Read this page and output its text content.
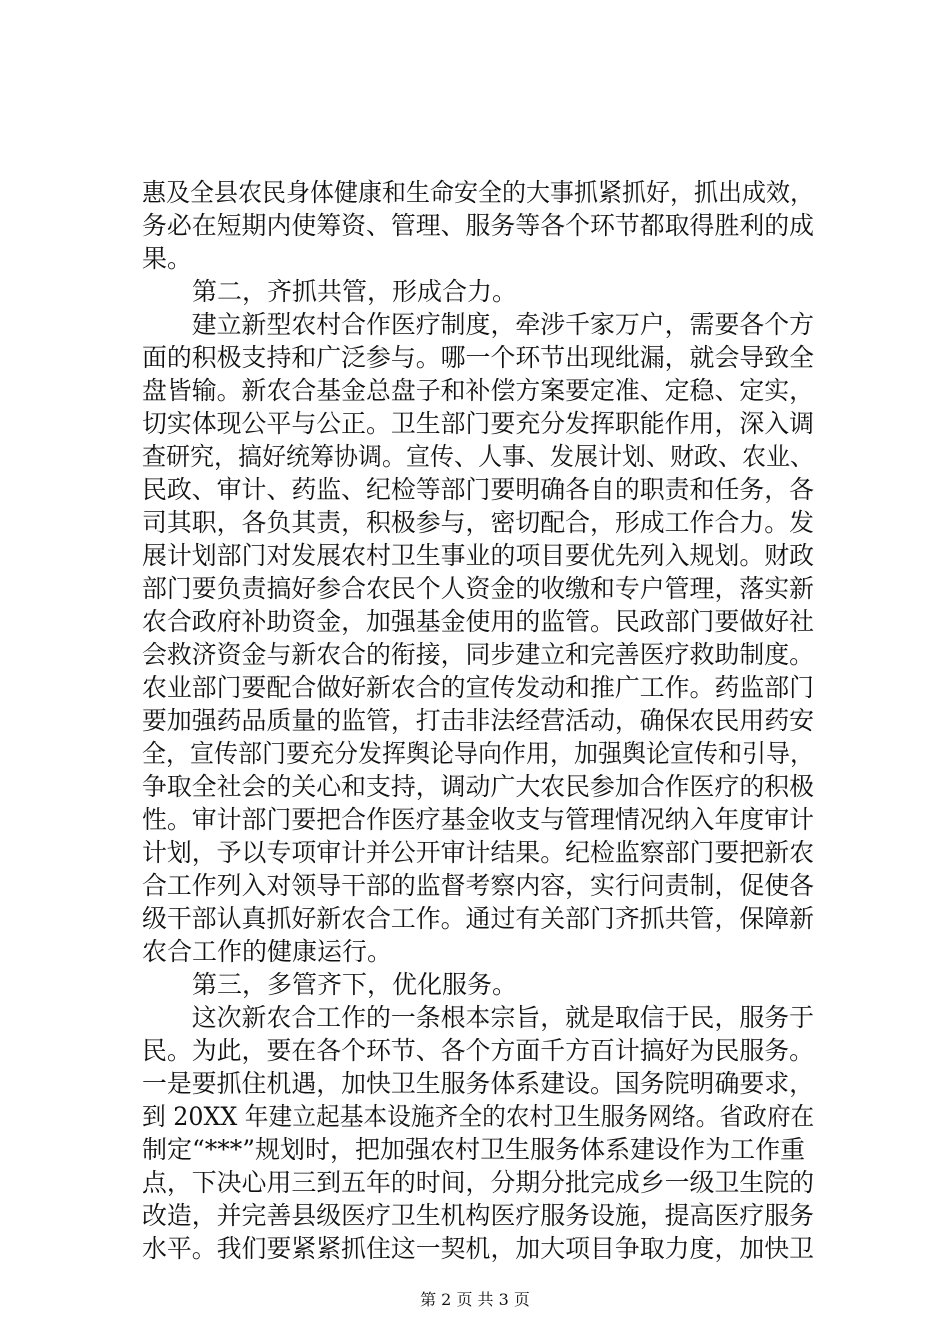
惠及全县农民身体健康和生命安全的大事抓紧抓好，抓出成效，
务必在短期内使筹资、管理、服务等各个环节都取得胜利的成
果。
　　第二，齐抓共管，形成合力。
　　建立新型农村合作医疗制度，牵涉千家万户，需要各个方
面的积极支持和广泛参与。哪一个环节出现纰漏，就会导致全
盘皆输。新农合基金总盘子和补偿方案要定准、定稳、定实，
切实体现公平与公正。卫生部门要充分发挥职能作用，深入调
查研究，搞好统筹协调。宣传、人事、发展计划、财政、农业、
民政、审计、药监、纪检等部门要明确各自的职责和任务，各
司其职，各负其责，积极参与，密切配合，形成工作合力。发
展计划部门对发展农村卫生事业的项目要优先列入规划。财政
部门要负责搞好参合农民个人资金的收缴和专户管理，落实新
农合政府补助资金，加强基金使用的监管。民政部门要做好社
会救济资金与新农合的衔接，同步建立和完善医疗救助制度。
农业部门要配合做好新农合的宣传发动和推广工作。药监部门
要加强药品质量的监管，打击非法经营活动，确保农民用药安
全，宣传部门要充分发挥舆论导向作用，加强舆论宣传和引导，
争取全社会的关心和支持，调动广大农民参加合作医疗的积极
性。审计部门要把合作医疗基金收支与管理情况纳入年度审计
计划，予以专项审计并公开审计结果。纪检监察部门要把新农
合工作列入对领导干部的监督考察内容，实行问责制，促使各
级干部认真抓好新农合工作。通过有关部门齐抓共管，保障新
农合工作的健康运行。
　　第三，多管齐下，优化服务。
　　这次新农合工作的一条根本宗旨，就是取信于民，服务于
民。为此，要在各个环节、各个方面千方百计搞好为民服务。
一是要抓住机遇，加快卫生服务体系建设。国务院明确要求，
到 20XX 年建立起基本设施齐全的农村卫生服务网络。省政府在
制定“***”规划时，把加强农村卫生服务体系建设作为工作重
点，下决心用三到五年的时间，分期分批完成乡一级卫生院的
改造，并完善县级医疗卫生机构医疗服务设施，提高医疗服务
水平。我们要紧紧抓住这一契机，加大项目争取力度，加快卫
第 2 页 共 3 页
